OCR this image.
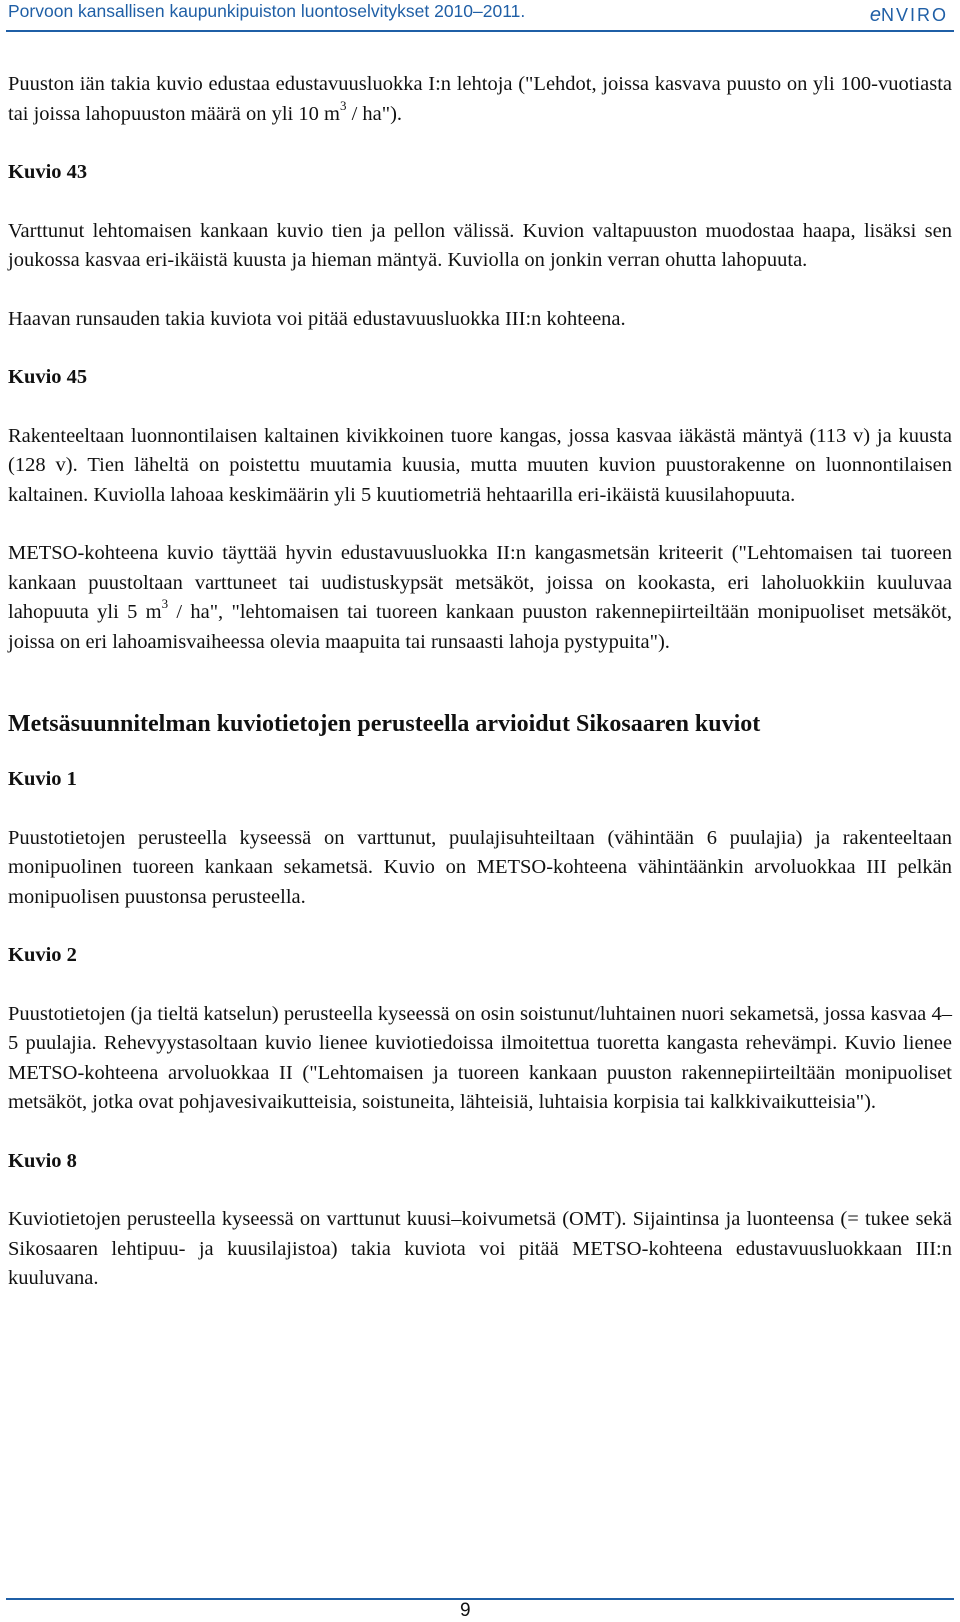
Porvoon kansallisen kaupunkipuiston luontoselvitykset 2010–2011.	eNVIRO

Puuston iän takia kuvio edustaa edustavuusluokka I:n lehtoja ("Lehdot, joissa kasvava puusto on yli 100-vuotiasta tai joissa lahopuuston määrä on yli 10 $m^3$ / ha").

Kuvio 43

Varttunut lehtomaisen kankaan kuvio tien ja pellon välissä. Kuvion valtapuuston muodostaa haapa, lisäksi sen joukossa kasvaa eri-ikäistä kuusta ja hieman mäntyä. Kuviolla on jonkin verran ohutta lahopuuta.

Haavan runsauden takia kuviota voi pitää edustavuusluokka III:n kohteena.

Kuvio 45

Rakenteeltaan luonnontilaisen kaltainen kivikkoinen tuore kangas, jossa kasvaa iäkästä mäntyä (113 v) ja kuusta (128 v). Tien läheltä on poistettu muutamia kuusia, mutta muuten kuvion puustorakenne on luonnontilaisen kaltainen. Kuviolla lahoaa keskimäärin yli 5 kuutiometriä hehtaarilla eri-ikäistä kuusilahopuuta.

METSO-kohteena kuvio täyttää hyvin edustavuusluokka II:n kangasmetsän kriteerit ("Lehtomaisen tai tuoreen kankaan puustoltaan varttuneet tai uudistuskypsät metsäköt, joissa on kookasta, eri laholuokkiin kuuluvaa lahopuuta yli 5 $m^3$ / ha", "lehtomaisen tai tuoreen kankaan puuston rakennepiirteiltään monipuoliset metsäköt, joissa on eri lahoamisvaiheessa olevia maapuita tai runsaasti lahoja pystypuita").

Metsäsuunnitelman kuviotietojen perusteella arvioidut Sikosaaren kuviot

Kuvio 1

Puustotietojen perusteella kyseessä on varttunut, puulajisuhteiltaan (vähintään 6 puulajia) ja rakenteeltaan monipuolinen tuoreen kankaan sekametsä. Kuvio on METSO-kohteena vähintäänkin arvoluokkaa III pelkän monipuolisen puustonsa perusteella.

Kuvio 2

Puustotietojen (ja tieltä katselun) perusteella kyseessä on osin soistunut/luhtainen nuori sekametsä, jossa kasvaa 4–5 puulajia. Rehevyystasoltaan kuvio lienee kuviotiedoissa ilmoitettua tuoretta kangasta rehevämpi. Kuvio lienee METSO-kohteena arvoluokkaa II ("Lehtomaisen ja tuoreen kankaan puuston rakennepiirteiltään monipuoliset metsäköt, jotka ovat pohjavesivaikutteisia, soistuneita, lähteisiä, luhtaisia korpisia tai kalkkivaikutteisia").

Kuvio 8

Kuviotietojen perusteella kyseessä on varttunut kuusi–koivumetsä (OMT). Sijaintinsa ja luonteensa (= tukee sekä Sikosaaren lehtipuu- ja kuusilajistoa) takia kuviota voi pitää METSO-kohteena edustavuusluokkaan III:n kuuluvana.

9
